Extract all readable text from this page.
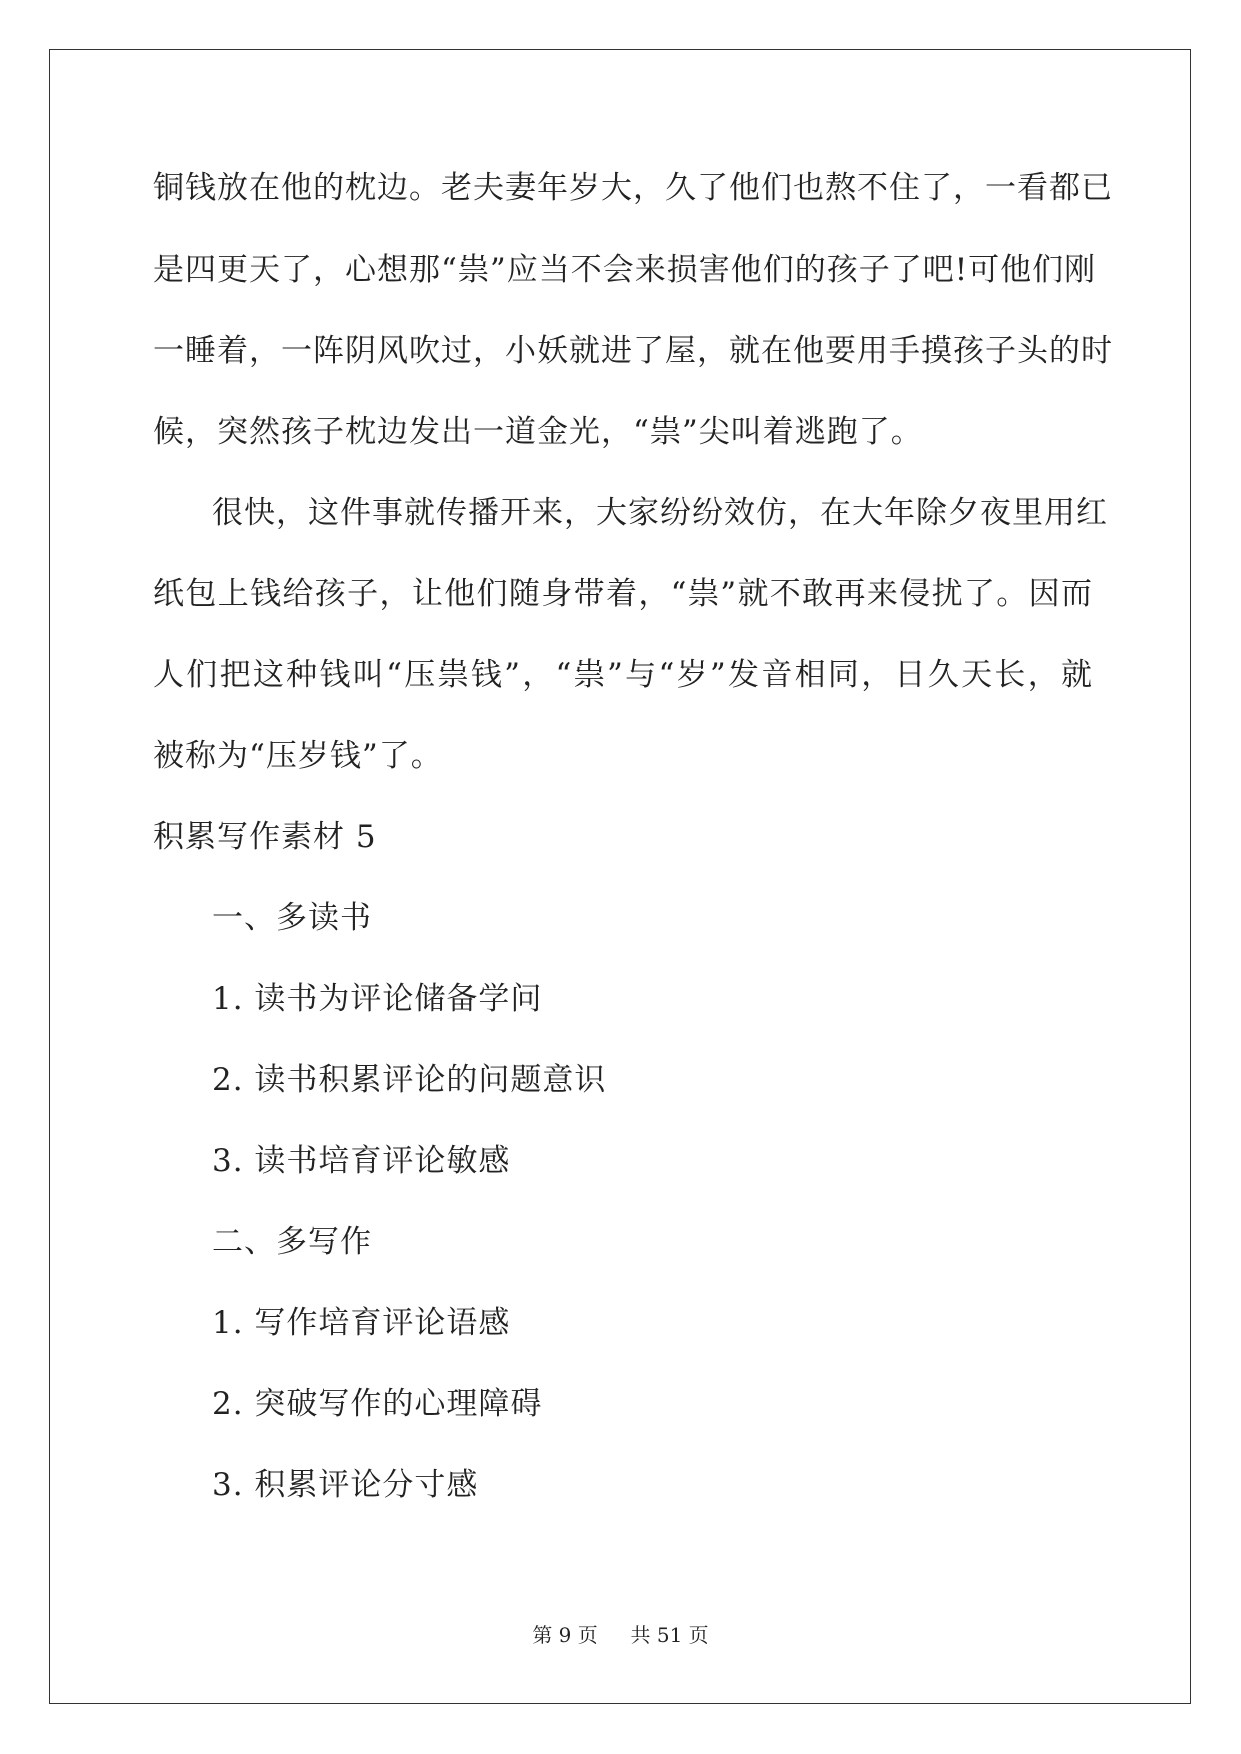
铜钱放在他的枕边。老夫妻年岁大，久了他们也熬不住了，一看都已
是四更天了，心想那“祟”应当不会来损害他们的孩子了吧!可他们刚
一睡着，一阵阴风吹过，小妖就进了屋，就在他要用手摸孩子头的时
候，突然孩子枕边发出一道金光，“祟”尖叫着逃跑了。
很快，这件事就传播开来，大家纷纷效仿，在大年除夕夜里用红
纸包上钱给孩子，让他们随身带着，“祟”就不敢再来侵扰了。因而
人们把这种钱叫“压祟钱”，“祟”与“岁”发音相同，日久天长，就
被称为“压岁钱”了。
积累写作素材 5
一、多读书
1. 读书为评论储备学问
2. 读书积累评论的问题意识
3. 读书培育评论敏感
二、多写作
1. 写作培育评论语感
2. 突破写作的心理障碍
3. 积累评论分寸感
第 9 页 共 51 页
